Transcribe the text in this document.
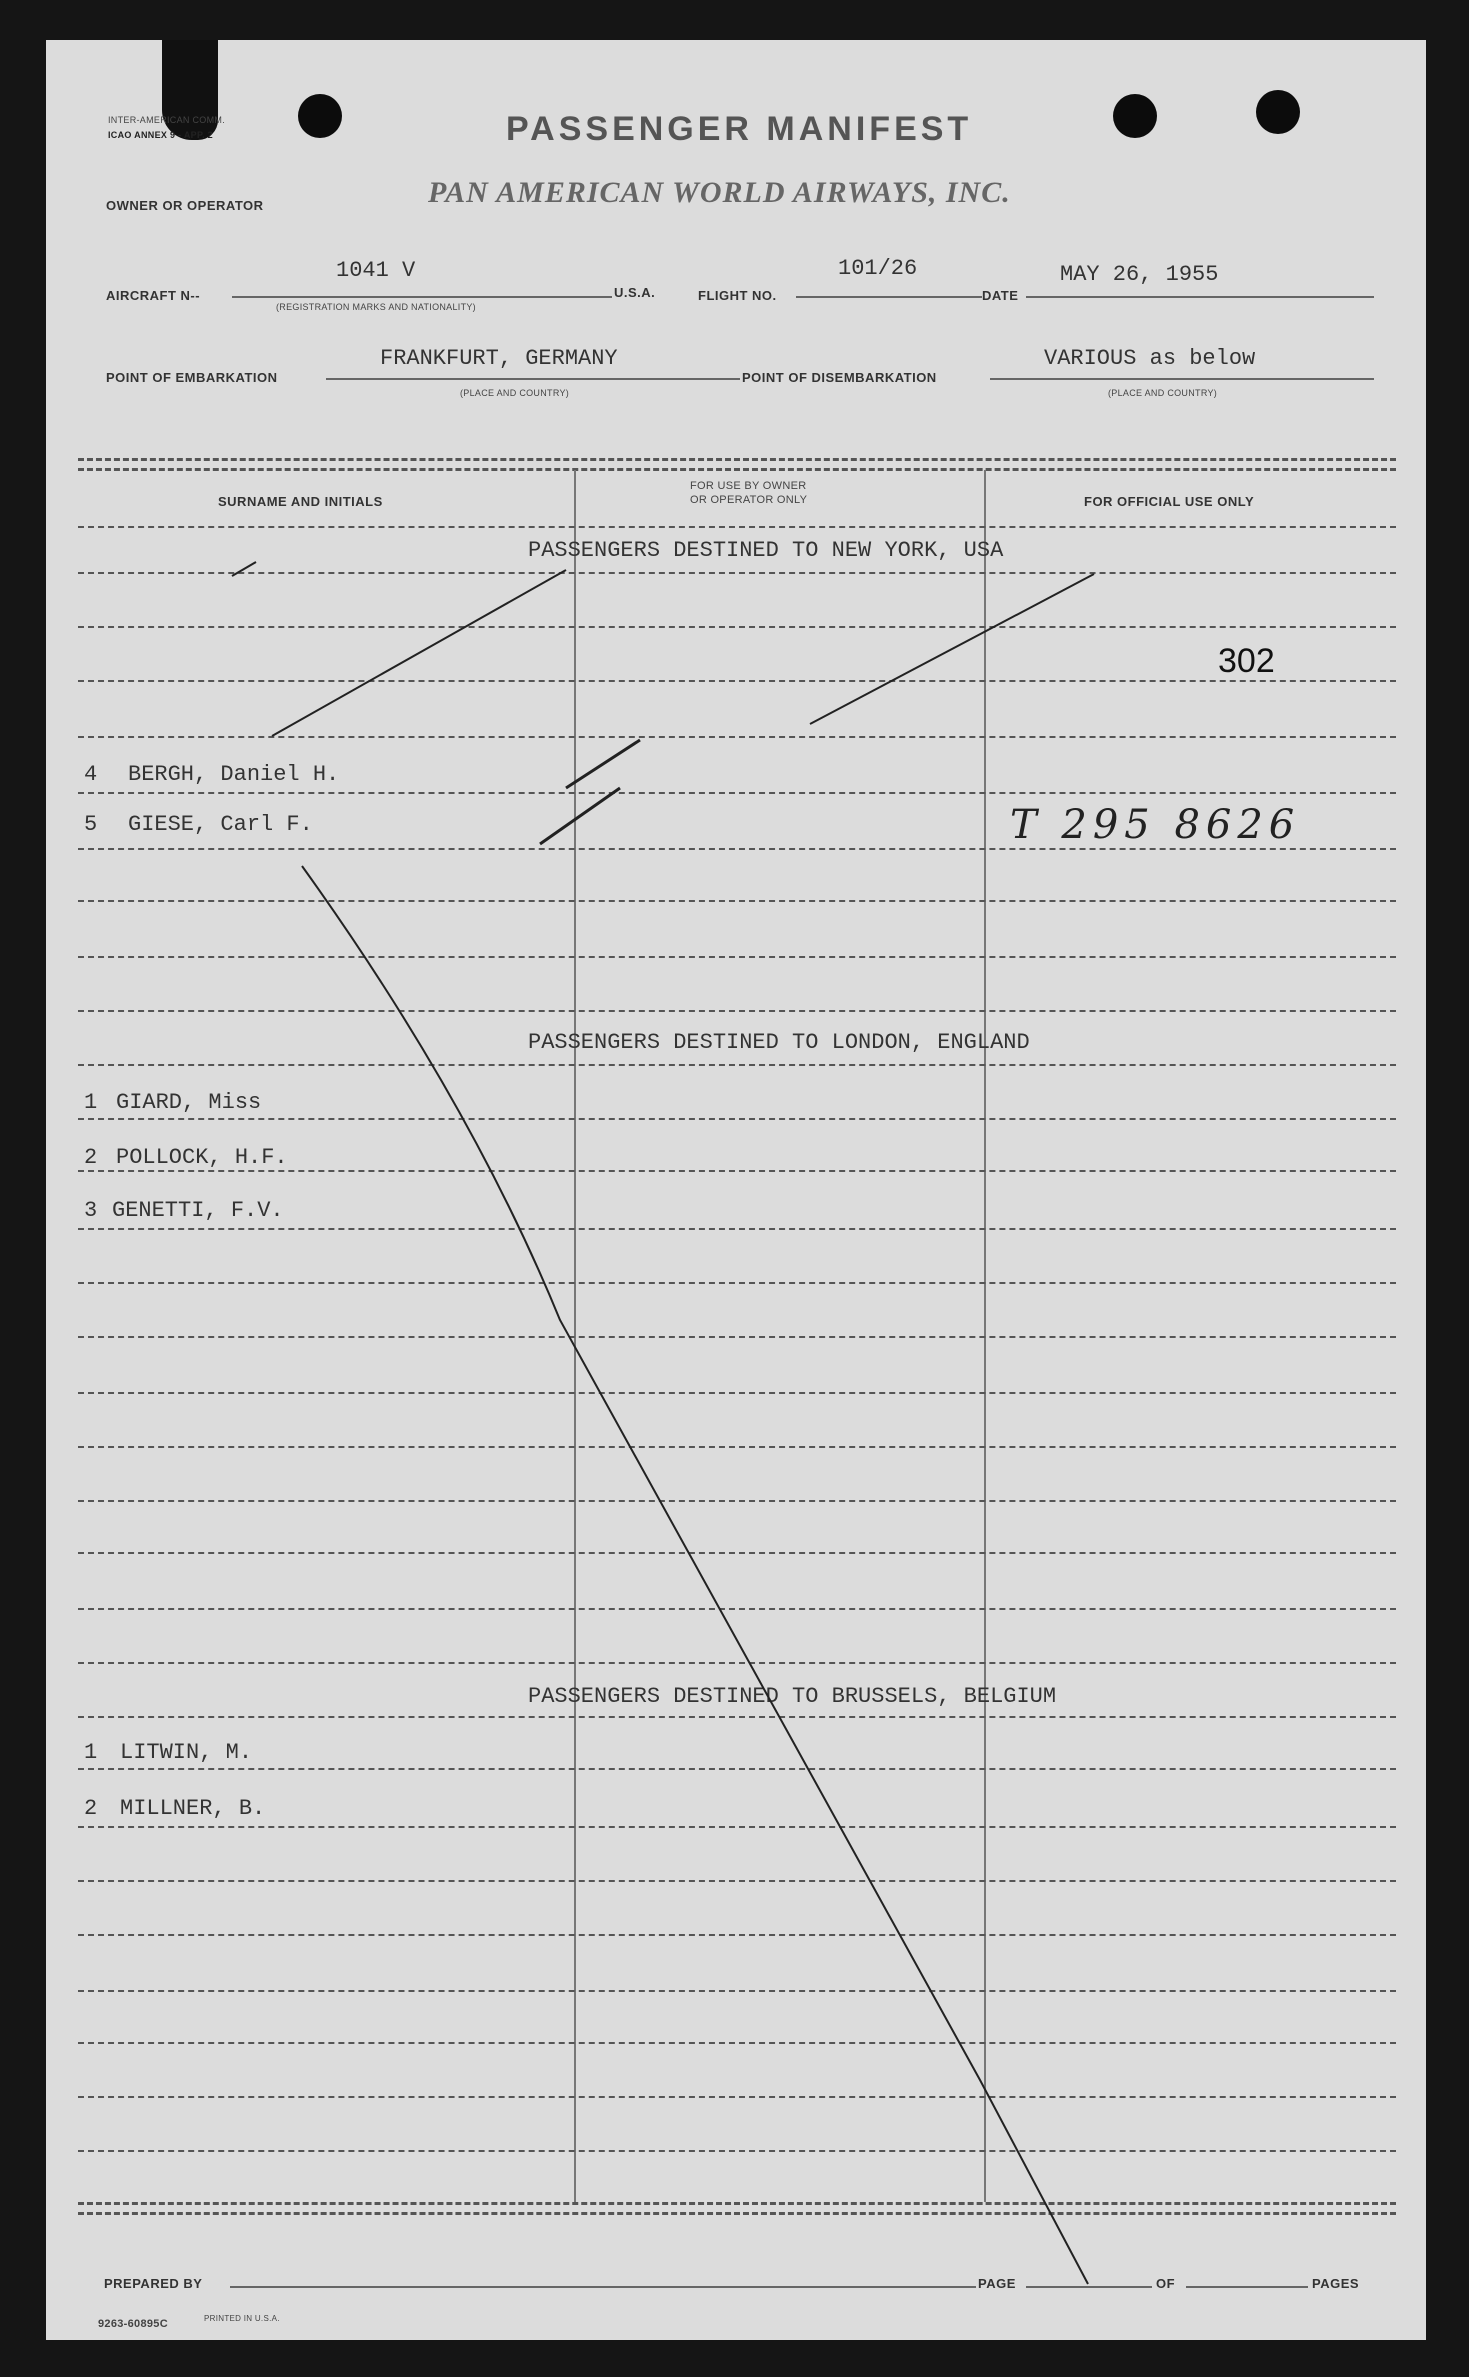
INTER-AMERICAN COMM.
ICAO ANNEX 9 - APP. 2	PASSENGER MANIFEST
OWNER OR OPERATOR	PAN AMERICAN WORLD AIRWAYS, INC.
AIRCRAFT N--
1041 V
(REGISTRATION MARKS AND NATIONALITY)
U.S.A.	FLIGHT NO.
101/26
DATE
MAY 26, 1955
POINT OF EMBARKATION
FRANKFURT, GERMANY
(PLACE AND COUNTRY)
POINT OF DISEMBARKATION
VARIOUS as below
(PLACE AND COUNTRY)
SURNAME AND INITIALS
FOR USE BY OWNER
OR OPERATOR ONLY	FOR OFFICIAL USE ONLY
302
T 295 8626
PASSENGERS DESTINED TO NEW YORK, USA
4 BERGH, Daniel H.
5 GIESE, Carl F.
PASSENGERS DESTINED TO LONDON, ENGLAND
1 GIARD, Miss
2 POLLOCK, H.F.
3 GENETTI, F.V.
PASSENGERS DESTINED TO BRUSSELS, BELGIUM
1 LITWIN, M.
2 MILLNER, B.
PREPARED BY	PAGE	OF	PAGES
9263-60895C	PRINTED IN U.S.A.
